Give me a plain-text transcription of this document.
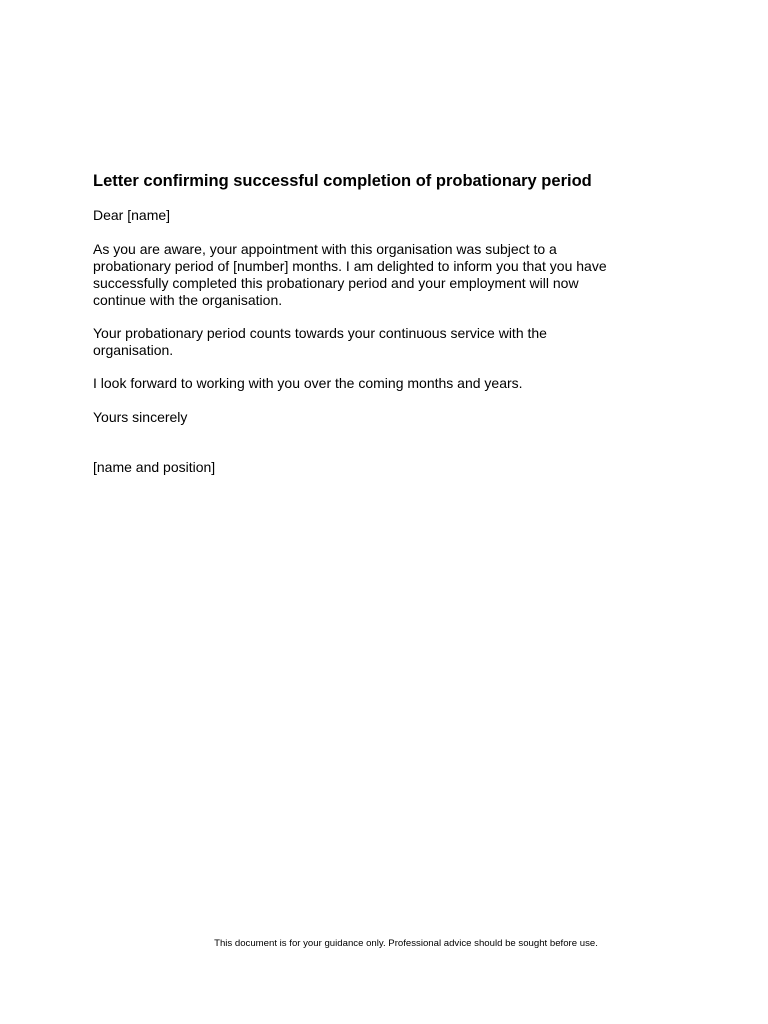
Letter confirming successful completion of probationary period

Dear [name]

As you are aware, your appointment with this organisation was subject to a
probationary period of [number] months. I am delighted to inform you that you have
successfully completed this probationary period and your employment will now
continue with the organisation.

Your probationary period counts towards your continuous service with the
organisation.

I look forward to working with you over the coming months and years.

Yours sincerely

[name and position]

This document is for your guidance only. Professional advice should be sought before use.
